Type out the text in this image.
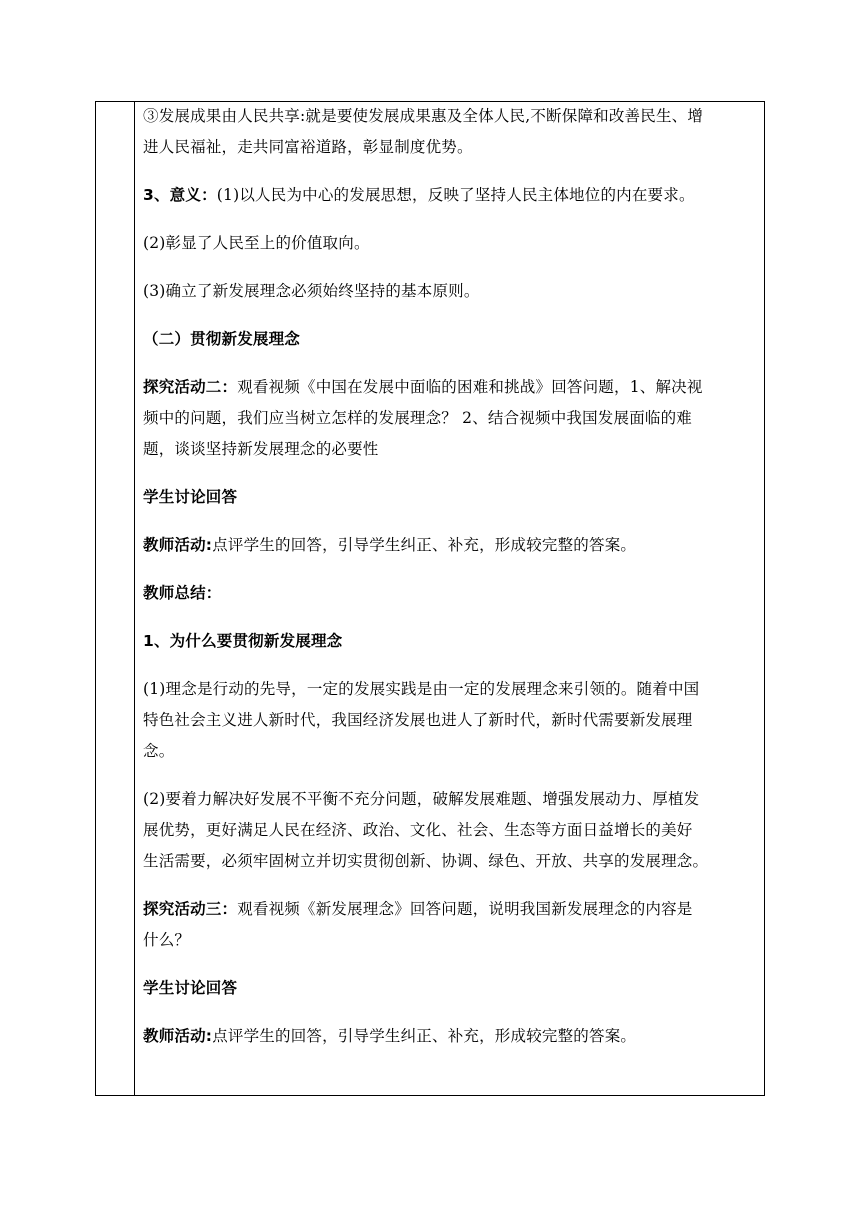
③发展成果由人民共享:就是要使发展成果惠及全体人民,不断保障和改善民生、增
进人民福祉，走共同富裕道路，彰显制度优势。

3、意义：(1)以人民为中心的发展思想，反映了坚持人民主体地位的内在要求。

(2)彰显了人民至上的价值取向。

(3)确立了新发展理念必须始终坚持的基本原则。

（二）贯彻新发展理念

探究活动二：观看视频《中国在发展中面临的困难和挑战》回答问题，1、解决视
频中的问题，我们应当树立怎样的发展理念？ 2、结合视频中我国发展面临的难
题，谈谈坚持新发展理念的必要性

学生讨论回答

教师活动:点评学生的回答，引导学生纠正、补充，形成较完整的答案。

教师总结：

1、为什么要贯彻新发展理念

(1)理念是行动的先导，一定的发展实践是由一定的发展理念来引领的。随着中国
特色社会主义进人新时代，我国经济发展也进人了新时代，新时代需要新发展理
念。

(2)要着力解决好发展不平衡不充分问题，破解发展难题、增强发展动力、厚植发
展优势，更好满足人民在经济、政治、文化、社会、生态等方面日益增长的美好
生活需要，必须牢固树立并切实贯彻创新、协调、绿色、开放、共享的发展理念。

探究活动三：观看视频《新发展理念》回答问题，说明我国新发展理念的内容是
什么？

学生讨论回答

教师活动:点评学生的回答，引导学生纠正、补充，形成较完整的答案。
